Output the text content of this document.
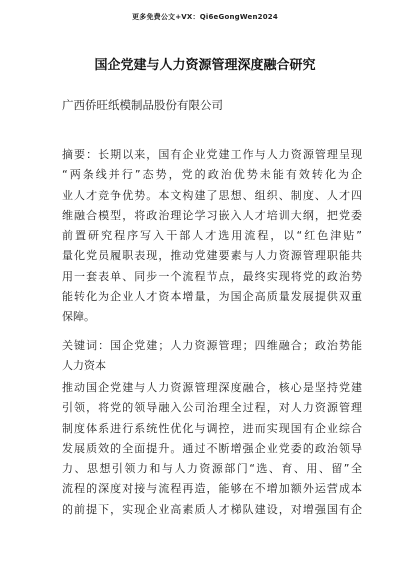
更多免费公文+VX：Qi6eGongWen2024
国企党建与人力资源管理深度融合研究
广西侨旺纸模制品股份有限公司
摘要：长期以来，国有企业党建工作与人力资源管理呈现
“两条线并行”态势，党的政治优势未能有效转化为企
业人才竞争优势。本文构建了思想、组织、制度、人才四
维融合模型，将政治理论学习嵌入人才培训大纲，把党委
前置研究程序写入干部人才选用流程，以“红色津贴”
量化党员履职表现，推动党建要素与人力资源管理职能共
用一套表单、同步一个流程节点，最终实现将党的政治势
能转化为企业人才资本增量，为国企高质量发展提供双重
保障。
关键词：国企党建；人力资源管理；四维融合；政治势能
人力资本
推动国企党建与人力资源管理深度融合，核心是坚持党建
引领，将党的领导融入公司治理全过程，对人力资源管理
制度体系进行系统性优化与调控，进而实现国有企业综合
发展质效的全面提升。通过不断增强企业党委的政治领导
力、思想引领力和与人力资源部门“选、育、用、留”全
流程的深度对接与流程再造，能够在不增加额外运营成本
的前提下，实现企业高素质人才梯队建设，对增强国有企
